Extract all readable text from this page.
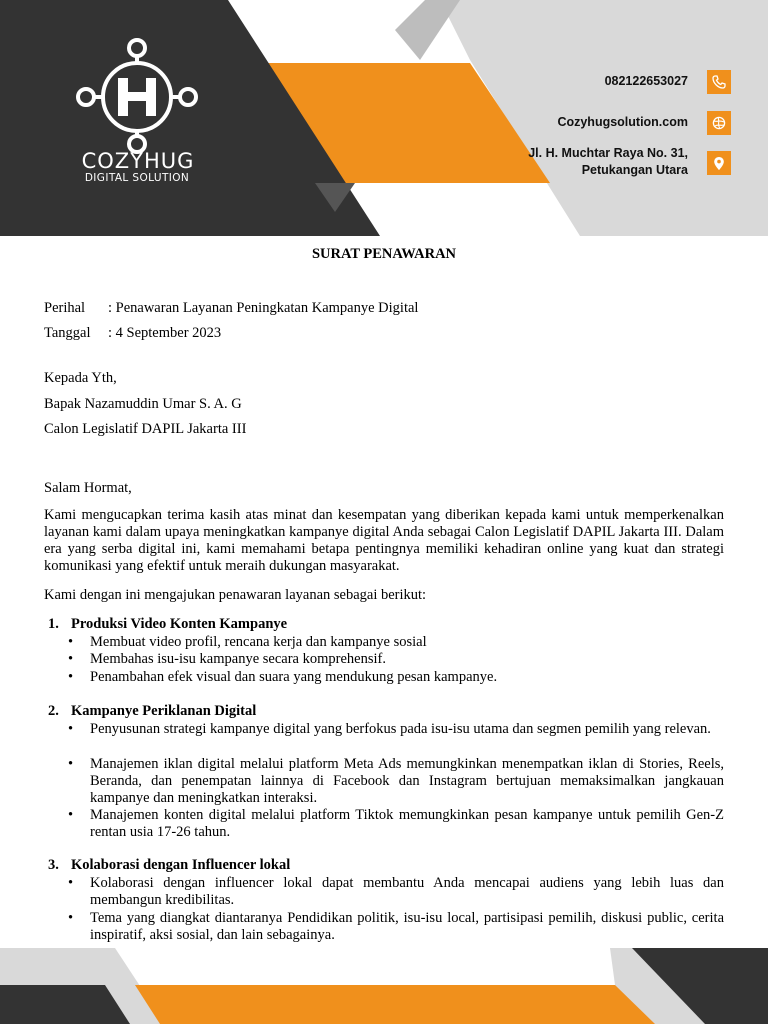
COZYHUG
DIGITAL SOLUTION
082122653027
Cozyhugsolution.com
Jl. H. Muchtar Raya No. 31,
Petukangan Utara
SURAT PENAWARAN
Perihal : Penawaran Layanan Peningkatan Kampanye Digital
Tanggal : 4 September 2023
Kepada Yth,
Bapak Nazamuddin Umar S. A. G
Calon Legislatif DAPIL Jakarta III
Salam Hormat,
Kami mengucapkan terima kasih atas minat dan kesempatan yang diberikan kepada kami untuk memperkenalkan layanan kami dalam upaya meningkatkan kampanye digital Anda sebagai Calon Legislatif DAPIL Jakarta III. Dalam era yang serba digital ini, kami memahami betapa pentingnya memiliki kehadiran online yang kuat dan strategi komunikasi yang efektif untuk meraih dukungan masyarakat.
Kami dengan ini mengajukan penawaran layanan sebagai berikut:
1. Produksi Video Konten Kampanye
• Membuat video profil, rencana kerja dan kampanye sosial
• Membahas isu-isu kampanye secara komprehensif.
• Penambahan efek visual dan suara yang mendukung pesan kampanye.
2. Kampanye Periklanan Digital
• Penyusunan strategi kampanye digital yang berfokus pada isu-isu utama dan segmen pemilih yang relevan.
• Manajemen iklan digital melalui platform Meta Ads memungkinkan menempatkan iklan di Stories, Reels, Beranda, dan penempatan lainnya di Facebook dan Instagram bertujuan memaksimalkan jangkauan kampanye dan meningkatkan interaksi.
• Manajemen konten digital melalui platform Tiktok memungkinkan pesan kampanye untuk pemilih Gen-Z rentan usia 17-26 tahun.
3. Kolaborasi dengan Influencer lokal
• Kolaborasi dengan influencer lokal dapat membantu Anda mencapai audiens yang lebih luas dan membangun kredibilitas.
• Tema yang diangkat diantaranya Pendidikan politik, isu-isu local, partisipasi pemilih, diskusi public, cerita inspiratif, aksi sosial, dan lain sebagainya.
